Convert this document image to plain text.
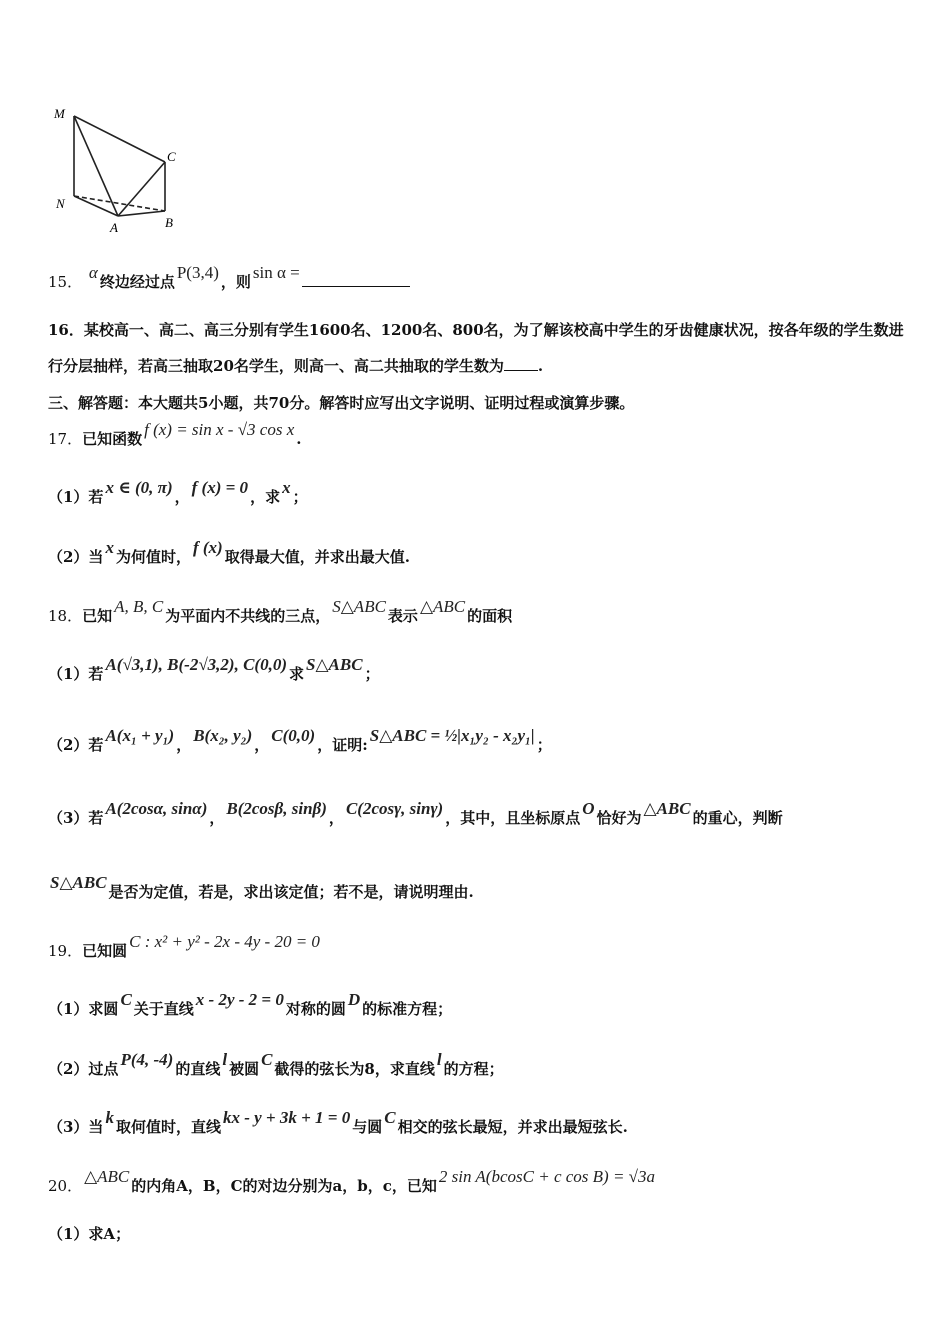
M
C
N
A	B
15． α 终边经过点 P(3,4) ，则 sin α =
16．某校高一、高二、高三分别有学生1600名、1200名、800名，为了解该校高中学生的牙齿健康状况，按各年级的学生数进行分层抽样，若高三抽取20名学生，则高一、高二共抽取的学生数为 .
三、解答题：本大题共5小题，共70分。解答时应写出文字说明、证明过程或演算步骤。
17．已知函数 f (x) = sin x - √3 cos x .
（1）若 x ∈ (0, π) ， f (x) = 0 ，求 x ；
（2）当 x 为何值时， f (x) 取得最大值，并求出最大值.
18．已知 A, B, C 为平面内不共线的三点， S△ABC 表示 △ABC 的面积
（1）若 A(√3,1), B(-2√3,2), C(0,0) 求 S△ABC ；
（2）若 A(x₁ + y₁) ， B(x₂, y₂) ， C(0,0) ，证明: S△ABC = ½|x₁y₂ - x₂y₁| ；
（3）若 A(2cosα, sinα) ， B(2cosβ, sinβ) ， C(2cosγ, sinγ) ，其中，且坐标原点 O 恰好为 △ABC 的重心，判断
S△ABC 是否为定值，若是，求出该定值；若不是，请说明理由.
19．已知圆 C : x² + y² - 2x - 4y - 20 = 0
（1）求圆 C 关于直线 x - 2y - 2 = 0 对称的圆 D 的标准方程；
（2）过点 P(4, -4) 的直线 l 被圆 C 截得的弦长为8，求直线 l 的方程；
（3）当 k 取何值时，直线 kx - y + 3k + 1 = 0 与圆 C 相交的弦长最短，并求出最短弦长.
20． △ABC 的内角A，B，C的对边分别为a，b，c，已知 2 sin A(bcosC + c cos B) = √3a
（1）求A；
